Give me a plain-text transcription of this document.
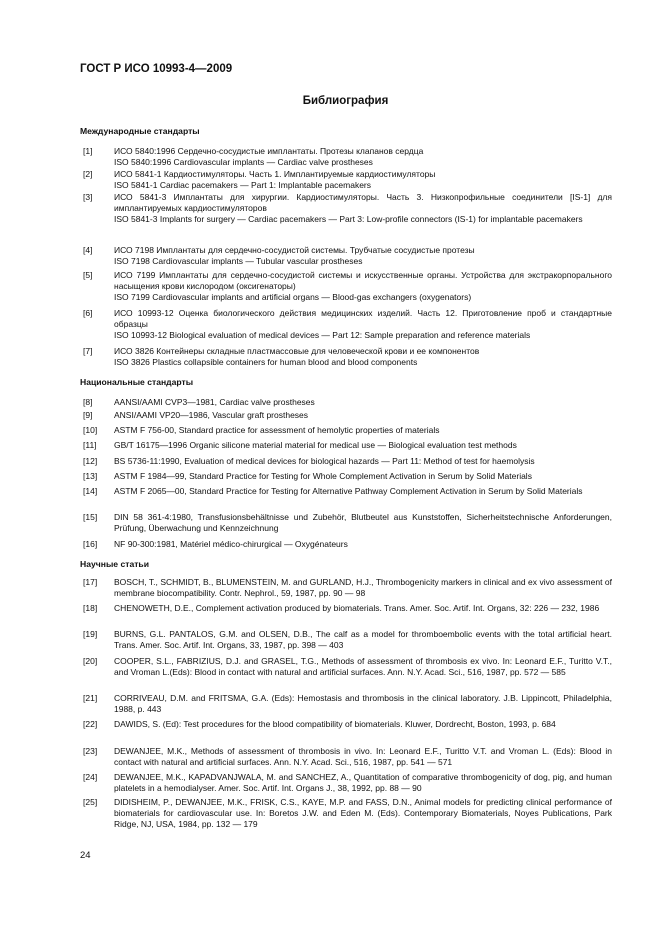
ГОСТ Р ИСО 10993-4—2009
Библиография
Международные стандарты
Национальные стандарты
Научные статьи
[1]	ИСО 5840:1996 Сердечно-сосудистые имплантаты. Протезы клапанов сердца
ISO 5840:1996 Cardiovascular implants — Cardiac valve prostheses
[2]	ИСО 5841-1 Кардиостимуляторы. Часть 1. Имплантируемые кардиостимуляторы
ISO 5841-1 Cardiac pacemakers — Part 1: Implantable pacemakers
[3]	ИСО 5841-3 Имплантаты для хирургии. Кардиостимуляторы. Часть 3. Низкопрофильные соединители [IS-1] для имплантируемых кардиостимуляторов
ISO 5841-3 Implants for surgery — Cardiac pacemakers — Part 3: Low-profile connectors (IS-1) for implantable pacemakers
[4]	ИСО 7198 Имплантаты для сердечно-сосудистой системы. Трубчатые сосудистые протезы
ISO 7198 Cardiovascular implants — Tubular vascular prostheses
[5]	ИСО 7199 Имплантаты для сердечно-сосудистой системы и искусственные органы. Устройства для экстракорпорального насыщения крови кислородом (оксигенаторы)
ISO 7199 Cardiovascular implants and artificial organs — Blood-gas exchangers (oxygenators)
[6]	ИСО 10993-12 Оценка биологического действия медицинских изделий. Часть 12. Приготовление проб и стандартные образцы
ISO 10993-12 Biological evaluation of medical devices — Part 12: Sample preparation and reference materials
[7]	ИСО 3826 Контейнеры складные пластмассовые для человеческой крови и ее компонентов
ISO 3826 Plastics collapsible containers for human blood and blood components
[8]	AANSI/AAMI CVP3—1981, Cardiac valve prostheses
[9]	ANSI/AAMI VP20—1986, Vascular graft prostheses
[10] ASTM F 756-00, Standard practice for assessment of hemolytic properties of materials
[11] GB/T 16175—1996 Organic silicone material material for medical use — Biological evaluation test methods
[12] BS 5736-11:1990, Evaluation of medical devices for biological hazards — Part 11: Method of test for haemolysis
[13] ASTM F 1984—99, Standard Practice for Testing for Whole Complement Activation in Serum by Solid Materials
[14] ASTM F 2065—00, Standard Practice for Testing for Alternative Pathway Complement Activation in Serum by Solid Materials
[15] DIN 58 361-4:1980, Transfusionsbehältnisse und Zubehör, Blutbeutel aus Kunststoffen, Sicherheitstechnische Anforderungen, Prüfung, Überwachung und Kennzeichnung
[16] NF 90-300:1981, Matériel médico-chirurgical — Oxygénateurs
[17] BOSCH, T., SCHMIDT, B., BLUMENSTEIN, M. and GURLAND, H.J., Thrombogenicity markers in clinical and ex vivo assessment of membrane biocompatibility. Contr. Nephrol., 59, 1987, pp. 90 — 98
[18] CHENOWETH, D.E., Complement activation produced by biomaterials. Trans. Amer. Soc. Artif. Int. Organs, 32: 226 — 232, 1986
[19] BURNS, G.L. PANTALOS, G.M. and OLSEN, D.B., The calf as a model for thromboembolic events with the total artificial heart. Trans. Amer. Soc. Artif. Int. Organs, 33, 1987, pp. 398 — 403
[20] COOPER, S.L., FABRIZIUS, D.J. and GRASEL, T.G., Methods of assessment of thrombosis ex vivo. In: Leonard E.F., Turitto V.T., and Vroman L.(Eds): Blood in contact with natural and artificial surfaces. Ann. N.Y. Acad. Sci., 516, 1987, pp. 572 — 585
[21] CORRIVEAU, D.M. and FRITSMA, G.A. (Eds): Hemostasis and thrombosis in the clinical laboratory. J.B. Lippincott, Philadelphia, 1988, p. 443
[22] DAWIDS, S. (Ed): Test procedures for the blood compatibility of biomaterials. Kluwer, Dordrecht, Boston, 1993, p. 684
[23] DEWANJEE, M.K., Methods of assessment of thrombosis in vivo. In: Leonard E.F., Turitto V.T. and Vroman L. (Eds): Blood in contact with natural and artificial surfaces. Ann. N.Y. Acad. Sci., 516, 1987, pp. 541 — 571
[24] DEWANJEE, M.K., KAPADVANJWALA, M. and SANCHEZ, A., Quantitation of comparative thrombogenicity of dog, pig, and human platelets in a hemodialyser. Amer. Soc. Artif. Int. Organs J., 38, 1992, pp. 88 — 90
[25] DIDISHEIM, P., DEWANJEE, M.K., FRISK, C.S., KAYE, M.P. and FASS, D.N., Animal models for predicting clinical performance of biomaterials for cardiovascular use. In: Boretos J.W. and Eden M. (Eds). Contemporary Biomaterials, Noyes Publications, Park Ridge, NJ, USA, 1984, pp. 132 — 179
24
